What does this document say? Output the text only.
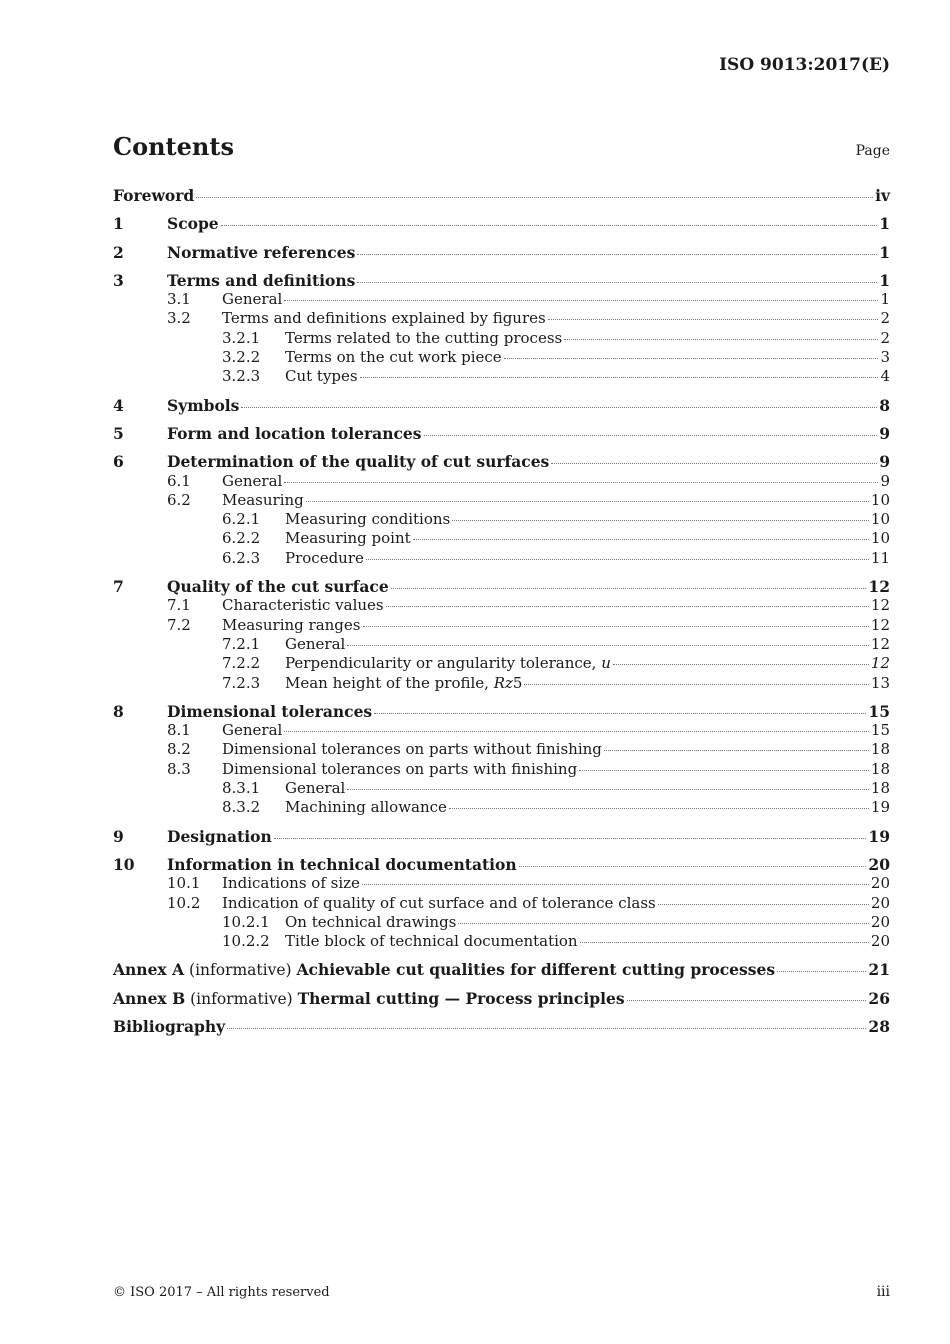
ISO 9013:2017(E)
Contents	Page
Foreword	iv
1	Scope	1
2	Normative references	1
3	Terms and definitions	1
3.1	General	1
3.2	Terms and definitions explained by figures	2
3.2.1	Terms related to the cutting process	2
3.2.2	Terms on the cut work piece	3
3.2.3	Cut types	4
4	Symbols	8
5	Form and location tolerances	9
6	Determination of the quality of cut surfaces	9
6.1	General	9
6.2	Measuring	10
6.2.1	Measuring conditions	10
6.2.2	Measuring point	10
6.2.3	Procedure	11
7	Quality of the cut surface	12
7.1	Characteristic values	12
7.2	Measuring ranges	12
7.2.1	General	12
7.2.2	Perpendicularity or angularity tolerance, u	12
7.2.3	Mean height of the profile, Rz5	13
8	Dimensional tolerances	15
8.1	General	15
8.2	Dimensional tolerances on parts without finishing	18
8.3	Dimensional tolerances on parts with finishing	18
8.3.1	General	18
8.3.2	Machining allowance	19
9	Designation	19
10	Information in technical documentation	20
10.1	Indications of size	20
10.2	Indication of quality of cut surface and of tolerance class	20
10.2.1	On technical drawings	20
10.2.2	Title block of technical documentation	20
Annex A (informative) Achievable cut qualities for different cutting processes	21
Annex B (informative) Thermal cutting — Process principles	26
Bibliography	28
© ISO 2017 – All rights reserved	iii
